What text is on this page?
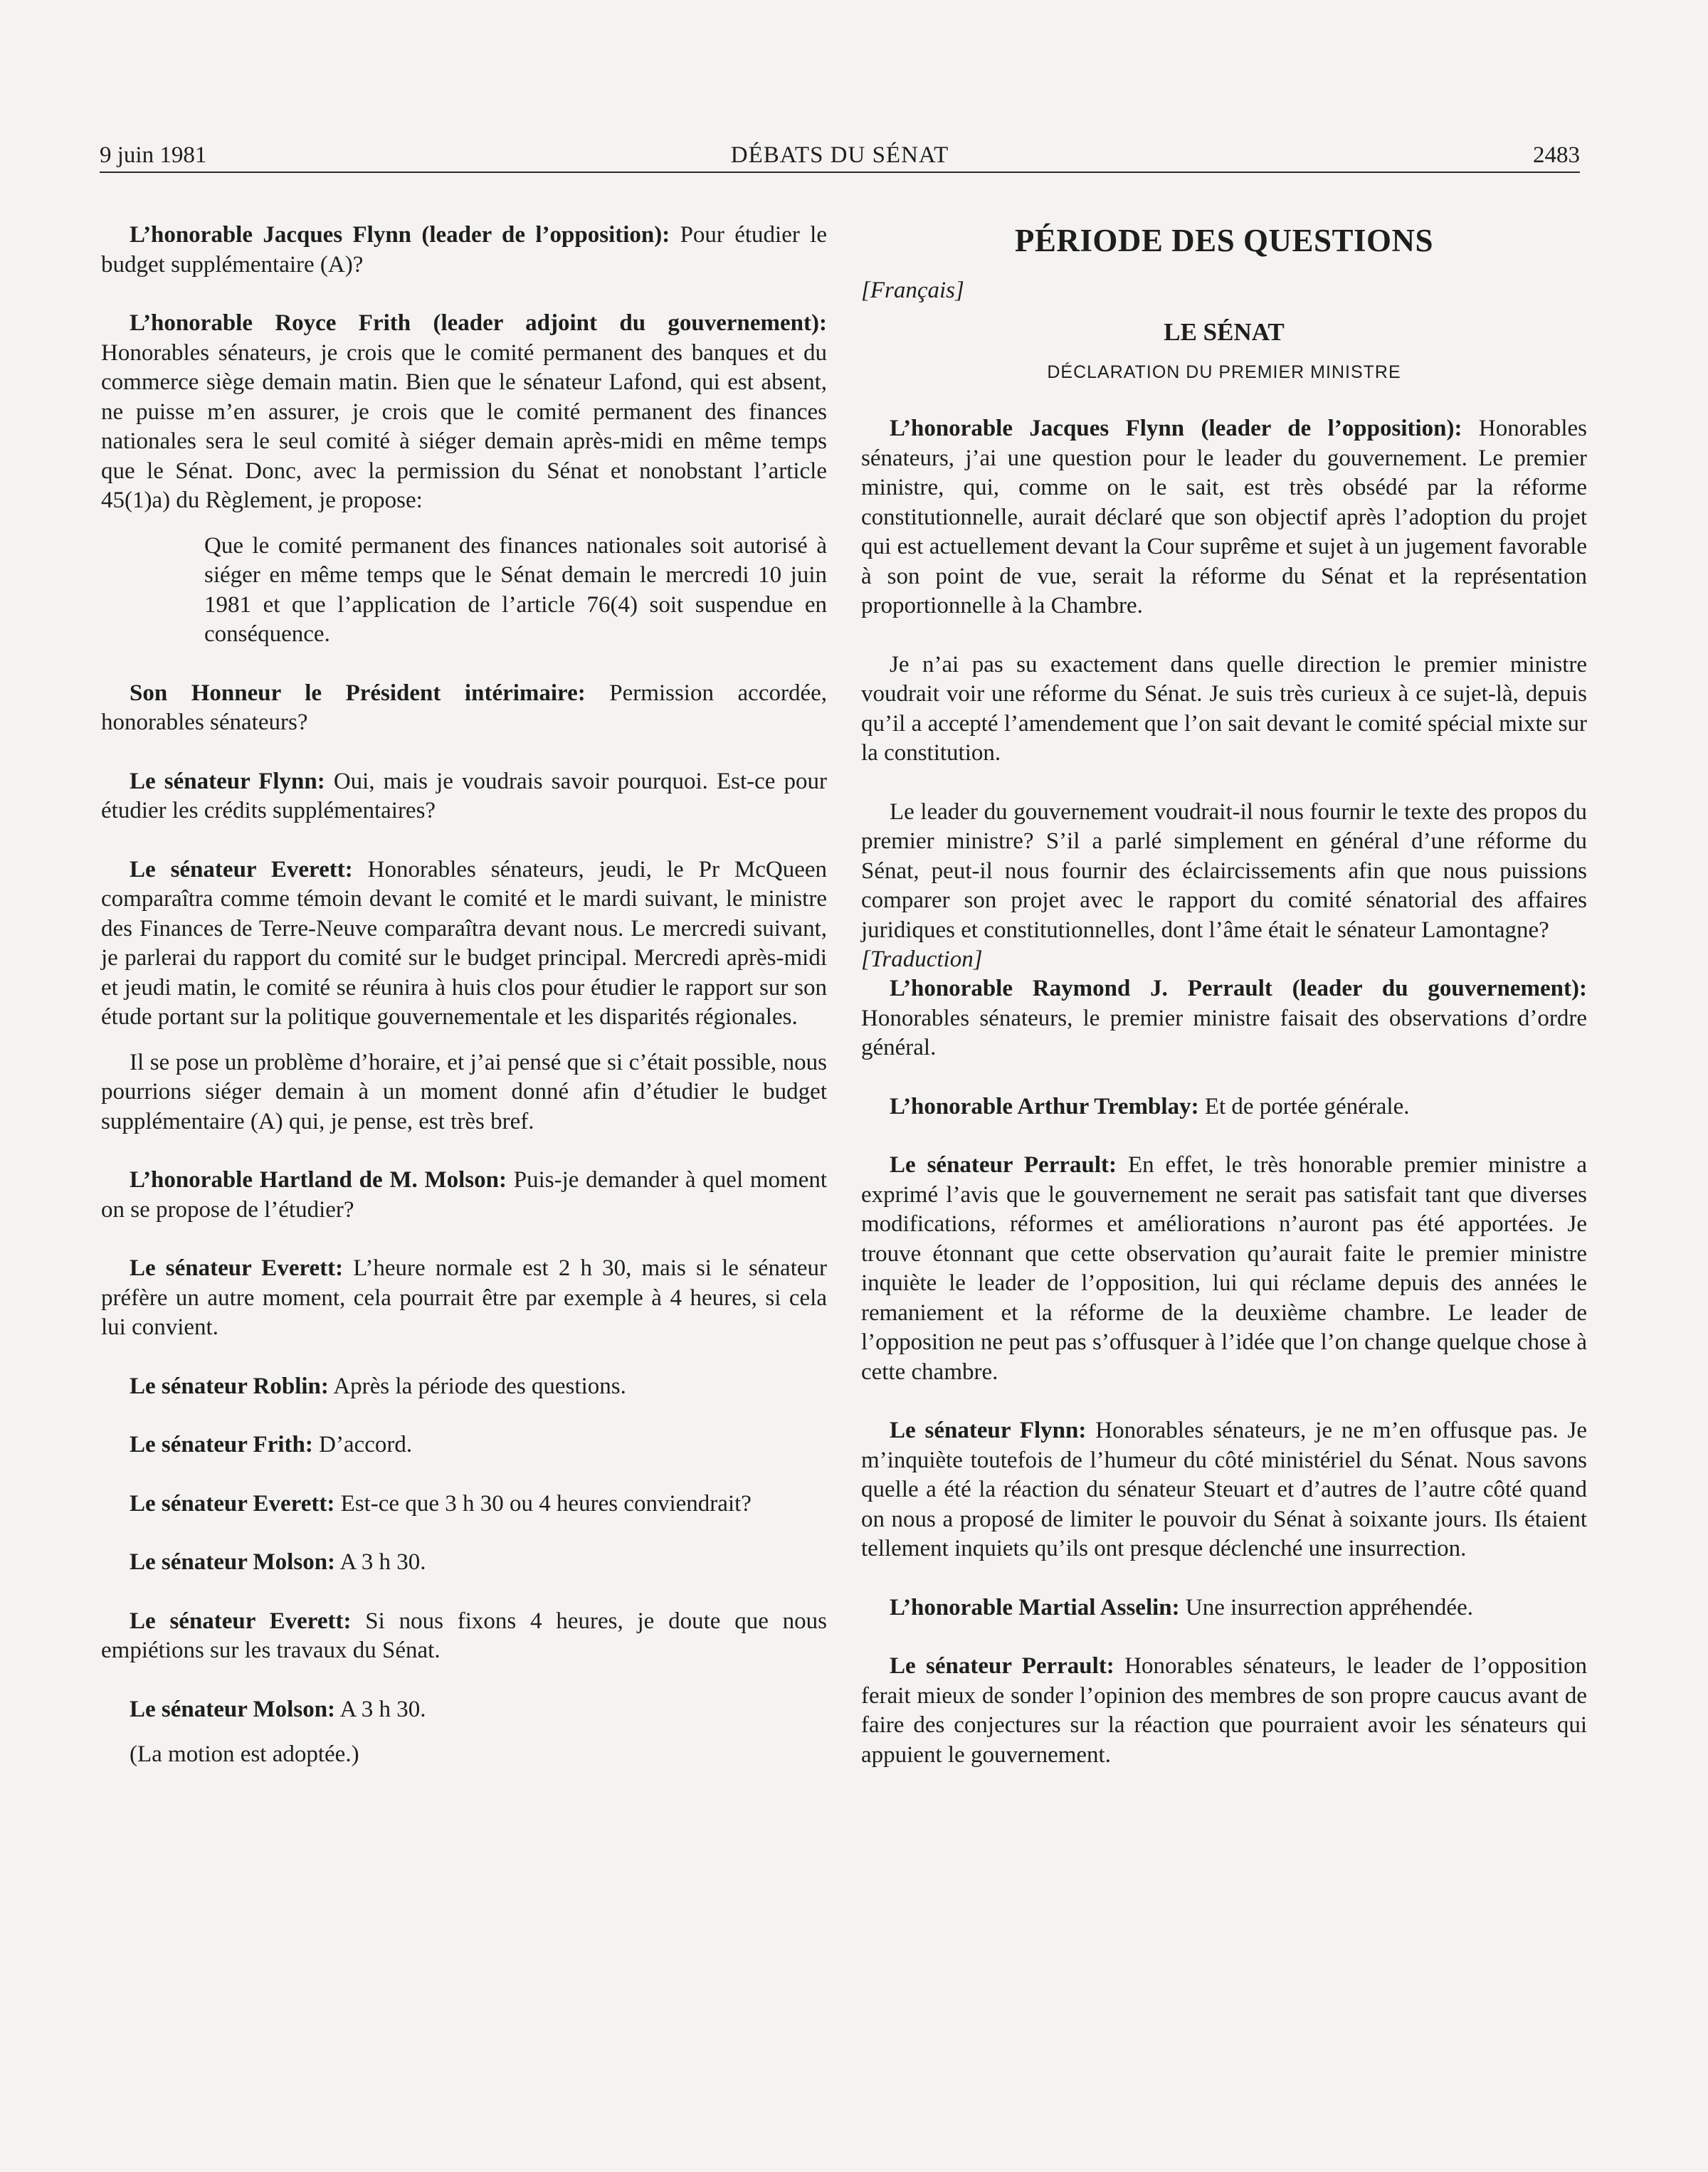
9 juin 1981	DÉBATS DU SÉNAT	2483

L’honorable Jacques Flynn (leader de l’opposition): Pour étudier le budget supplémentaire (A)?

L’honorable Royce Frith (leader adjoint du gouvernement): Honorables sénateurs, je crois que le comité permanent des banques et du commerce siège demain matin. Bien que le sénateur Lafond, qui est absent, ne puisse m’en assurer, je crois que le comité permanent des finances nationales sera le seul comité à siéger demain après-midi en même temps que le Sénat. Donc, avec la permission du Sénat et nonobstant l’article 45(1)a) du Règlement, je propose:

Que le comité permanent des finances nationales soit autorisé à siéger en même temps que le Sénat demain le mercredi 10 juin 1981 et que l’application de l’article 76(4) soit suspendue en conséquence.

Son Honneur le Président intérimaire: Permission accordée, honorables sénateurs?

Le sénateur Flynn: Oui, mais je voudrais savoir pourquoi. Est-ce pour étudier les crédits supplémentaires?

Le sénateur Everett: Honorables sénateurs, jeudi, le Pr McQueen comparaîtra comme témoin devant le comité et le mardi suivant, le ministre des Finances de Terre-Neuve comparaîtra devant nous. Le mercredi suivant, je parlerai du rapport du comité sur le budget principal. Mercredi après-midi et jeudi matin, le comité se réunira à huis clos pour étudier le rapport sur son étude portant sur la politique gouvernementale et les disparités régionales.

Il se pose un problème d’horaire, et j’ai pensé que si c’était possible, nous pourrions siéger demain à un moment donné afin d’étudier le budget supplémentaire (A) qui, je pense, est très bref.

L’honorable Hartland de M. Molson: Puis-je demander à quel moment on se propose de l’étudier?

Le sénateur Everett: L’heure normale est 2 h 30, mais si le sénateur préfère un autre moment, cela pourrait être par exemple à 4 heures, si cela lui convient.

Le sénateur Roblin: Après la période des questions.

Le sénateur Frith: D’accord.

Le sénateur Everett: Est-ce que 3 h 30 ou 4 heures conviendrait?

Le sénateur Molson: A 3 h 30.

Le sénateur Everett: Si nous fixons 4 heures, je doute que nous empiétions sur les travaux du Sénat.

Le sénateur Molson: A 3 h 30.

(La motion est adoptée.)

PÉRIODE DES QUESTIONS

[Français]

LE SÉNAT

DÉCLARATION DU PREMIER MINISTRE

L’honorable Jacques Flynn (leader de l’opposition): Honorables sénateurs, j’ai une question pour le leader du gouvernement. Le premier ministre, qui, comme on le sait, est très obsédé par la réforme constitutionnelle, aurait déclaré que son objectif après l’adoption du projet qui est actuellement devant la Cour suprême et sujet à un jugement favorable à son point de vue, serait la réforme du Sénat et la représentation proportionnelle à la Chambre.

Je n’ai pas su exactement dans quelle direction le premier ministre voudrait voir une réforme du Sénat. Je suis très curieux à ce sujet-là, depuis qu’il a accepté l’amendement que l’on sait devant le comité spécial mixte sur la constitution.

Le leader du gouvernement voudrait-il nous fournir le texte des propos du premier ministre? S’il a parlé simplement en général d’une réforme du Sénat, peut-il nous fournir des éclaircissements afin que nous puissions comparer son projet avec le rapport du comité sénatorial des affaires juridiques et constitutionnelles, dont l’âme était le sénateur Lamontagne?

[Traduction]

L’honorable Raymond J. Perrault (leader du gouvernement): Honorables sénateurs, le premier ministre faisait des observations d’ordre général.

L’honorable Arthur Tremblay: Et de portée générale.

Le sénateur Perrault: En effet, le très honorable premier ministre a exprimé l’avis que le gouvernement ne serait pas satisfait tant que diverses modifications, réformes et améliorations n’auront pas été apportées. Je trouve étonnant que cette observation qu’aurait faite le premier ministre inquiète le leader de l’opposition, lui qui réclame depuis des années le remaniement et la réforme de la deuxième chambre. Le leader de l’opposition ne peut pas s’offusquer à l’idée que l’on change quelque chose à cette chambre.

Le sénateur Flynn: Honorables sénateurs, je ne m’en offusque pas. Je m’inquiète toutefois de l’humeur du côté ministériel du Sénat. Nous savons quelle a été la réaction du sénateur Steuart et d’autres de l’autre côté quand on nous a proposé de limiter le pouvoir du Sénat à soixante jours. Ils étaient tellement inquiets qu’ils ont presque déclenché une insurrection.

L’honorable Martial Asselin: Une insurrection appréhendée.

Le sénateur Perrault: Honorables sénateurs, le leader de l’opposition ferait mieux de sonder l’opinion des membres de son propre caucus avant de faire des conjectures sur la réaction que pourraient avoir les sénateurs qui appuient le gouvernement.
